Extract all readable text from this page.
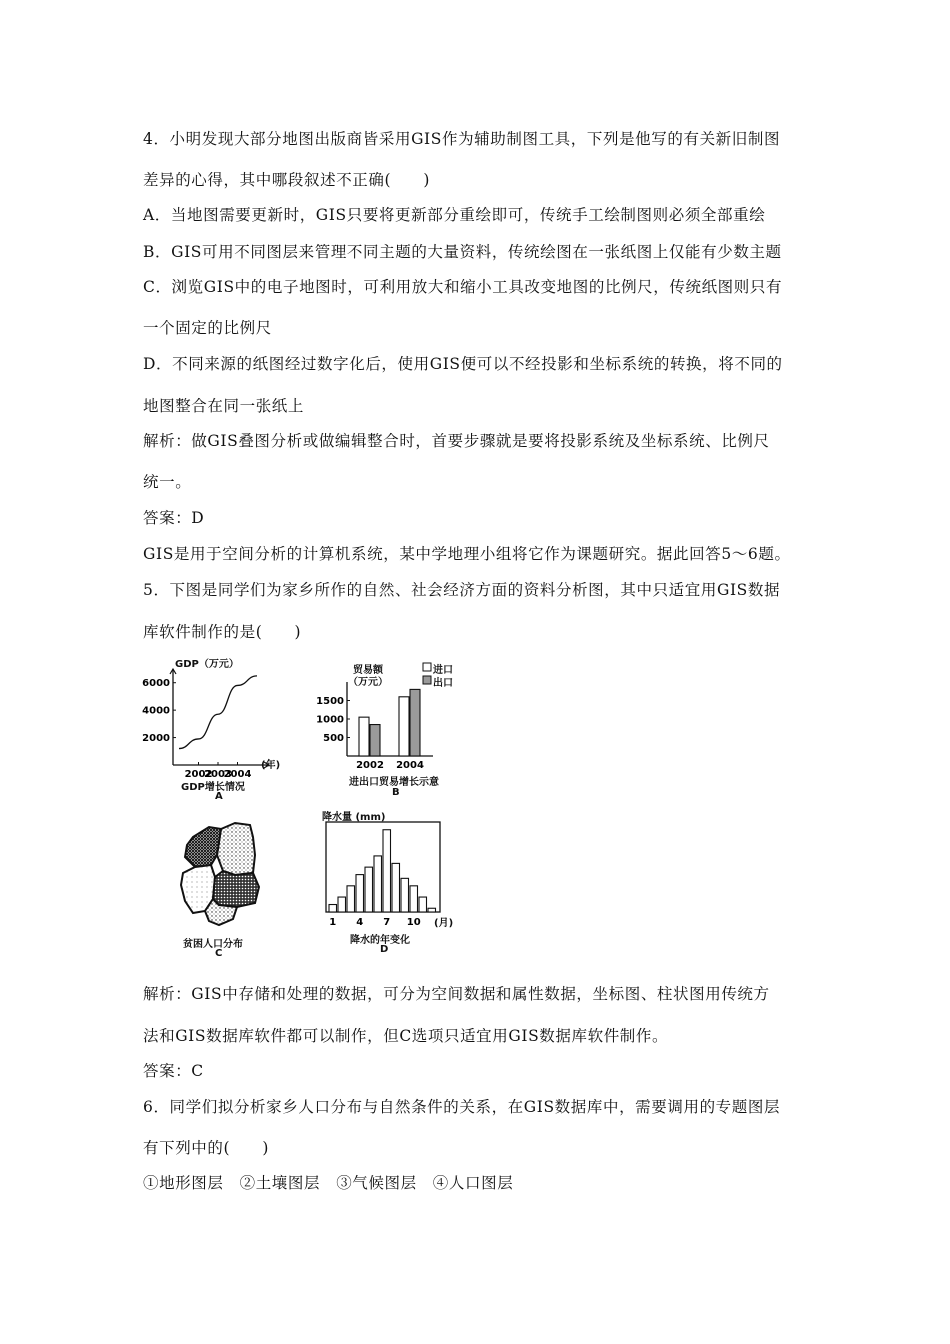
4．小明发现大部分地图出版商皆采用GIS作为辅助制图工具，下列是他写的有关新旧制图
差异的心得，其中哪段叙述不正确(　　)
A．当地图需要更新时，GIS只要将更新部分重绘即可，传统手工绘制图则必须全部重绘
B．GIS可用不同图层来管理不同主题的大量资料，传统绘图在一张纸图上仅能有少数主题
C．浏览GIS中的电子地图时，可利用放大和缩小工具改变地图的比例尺，传统纸图则只有
一个固定的比例尺
D．不同来源的纸图经过数字化后，使用GIS便可以不经投影和坐标系统的转换，将不同的
地图整合在同一张纸上
解析：做GIS叠图分析或做编辑整合时，首要步骤就是要将投影系统及坐标系统、比例尺
统一。
答案：D
GIS是用于空间分析的计算机系统，某中学地理小组将它作为课题研究。据此回答5～6题。
5．下图是同学们为家乡所作的自然、社会经济方面的资料分析图，其中只适宜用GIS数据
库软件制作的是(　　)
2000
4000
6000
2002
2003
2004
GDP（万元）
(年)
GDP增长情况
A
500
1000
1500
2002 2004
贸易额
（万元）
进口
出口
进出口贸易增长示意
B
贫困人口分布
C
1 4 7 10
降水量 (mm)
(月)
降水的年变化
D
解析：GIS中存储和处理的数据，可分为空间数据和属性数据，坐标图、柱状图用传统方
法和GIS数据库软件都可以制作，但C选项只适宜用GIS数据库软件制作。
答案：C
6．同学们拟分析家乡人口分布与自然条件的关系，在GIS数据库中，需要调用的专题图层
有下列中的(　　)
①地形图层　②土壤图层　③气候图层　④人口图层
